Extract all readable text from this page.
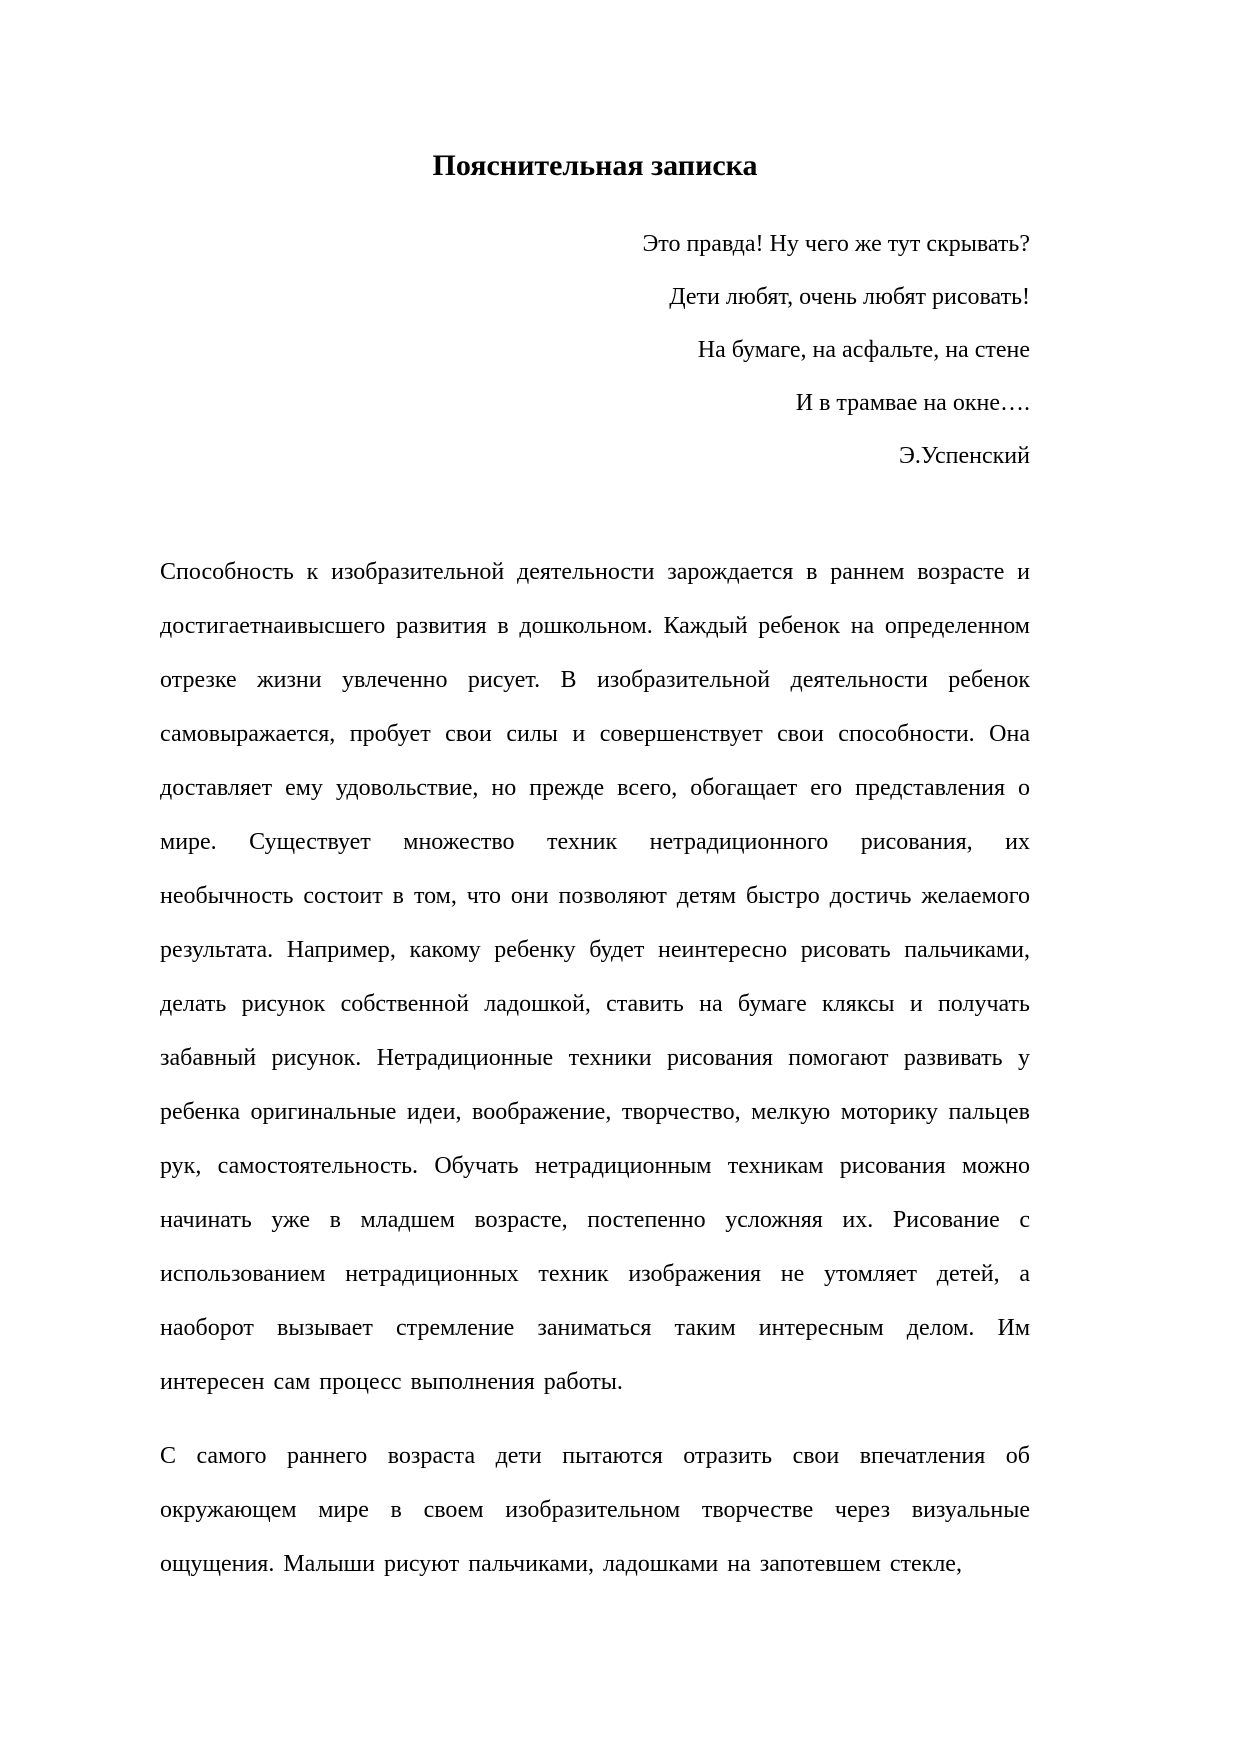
Пояснительная записка
Это правда! Ну чего же тут скрывать?
Дети любят, очень любят рисовать!
На бумаге, на асфальте, на стене
И в трамвае на окне….
Э.Успенский

Способность к изобразительной деятельности зарождается в раннем возрасте и достигаетнаивысшего развития в дошкольном. Каждый ребенок на определенном отрезке жизни увлеченно рисует. В изобразительной деятельности ребенок самовыражается, пробует свои силы и совершенствует свои способности. Она доставляет ему удовольствие, но прежде всего, обогащает его представления о мире. Существует множество техник нетрадиционного рисования, их необычность состоит в том, что они позволяют детям быстро достичь желаемого результата. Например, какому ребенку будет неинтересно рисовать пальчиками, делать рисунок собственной ладошкой, ставить на бумаге кляксы и получать забавный рисунок. Нетрадиционные техники рисования помогают развивать у ребенка оригинальные идеи, воображение, творчество, мелкую моторику пальцев рук, самостоятельность. Обучать нетрадиционным техникам рисования можно начинать уже в младшем возрасте, постепенно усложняя их. Рисование с использованием нетрадиционных техник изображения не утомляет детей, а наоборот вызывает стремление заниматься таким интересным делом. Им интересен сам процесс выполнения работы.

С самого раннего возраста дети пытаются отразить свои впечатления об окружающем мире в своем изобразительном творчестве через визуальные ощущения. Малыши рисуют пальчиками, ладошками на запотевшем стекле,
